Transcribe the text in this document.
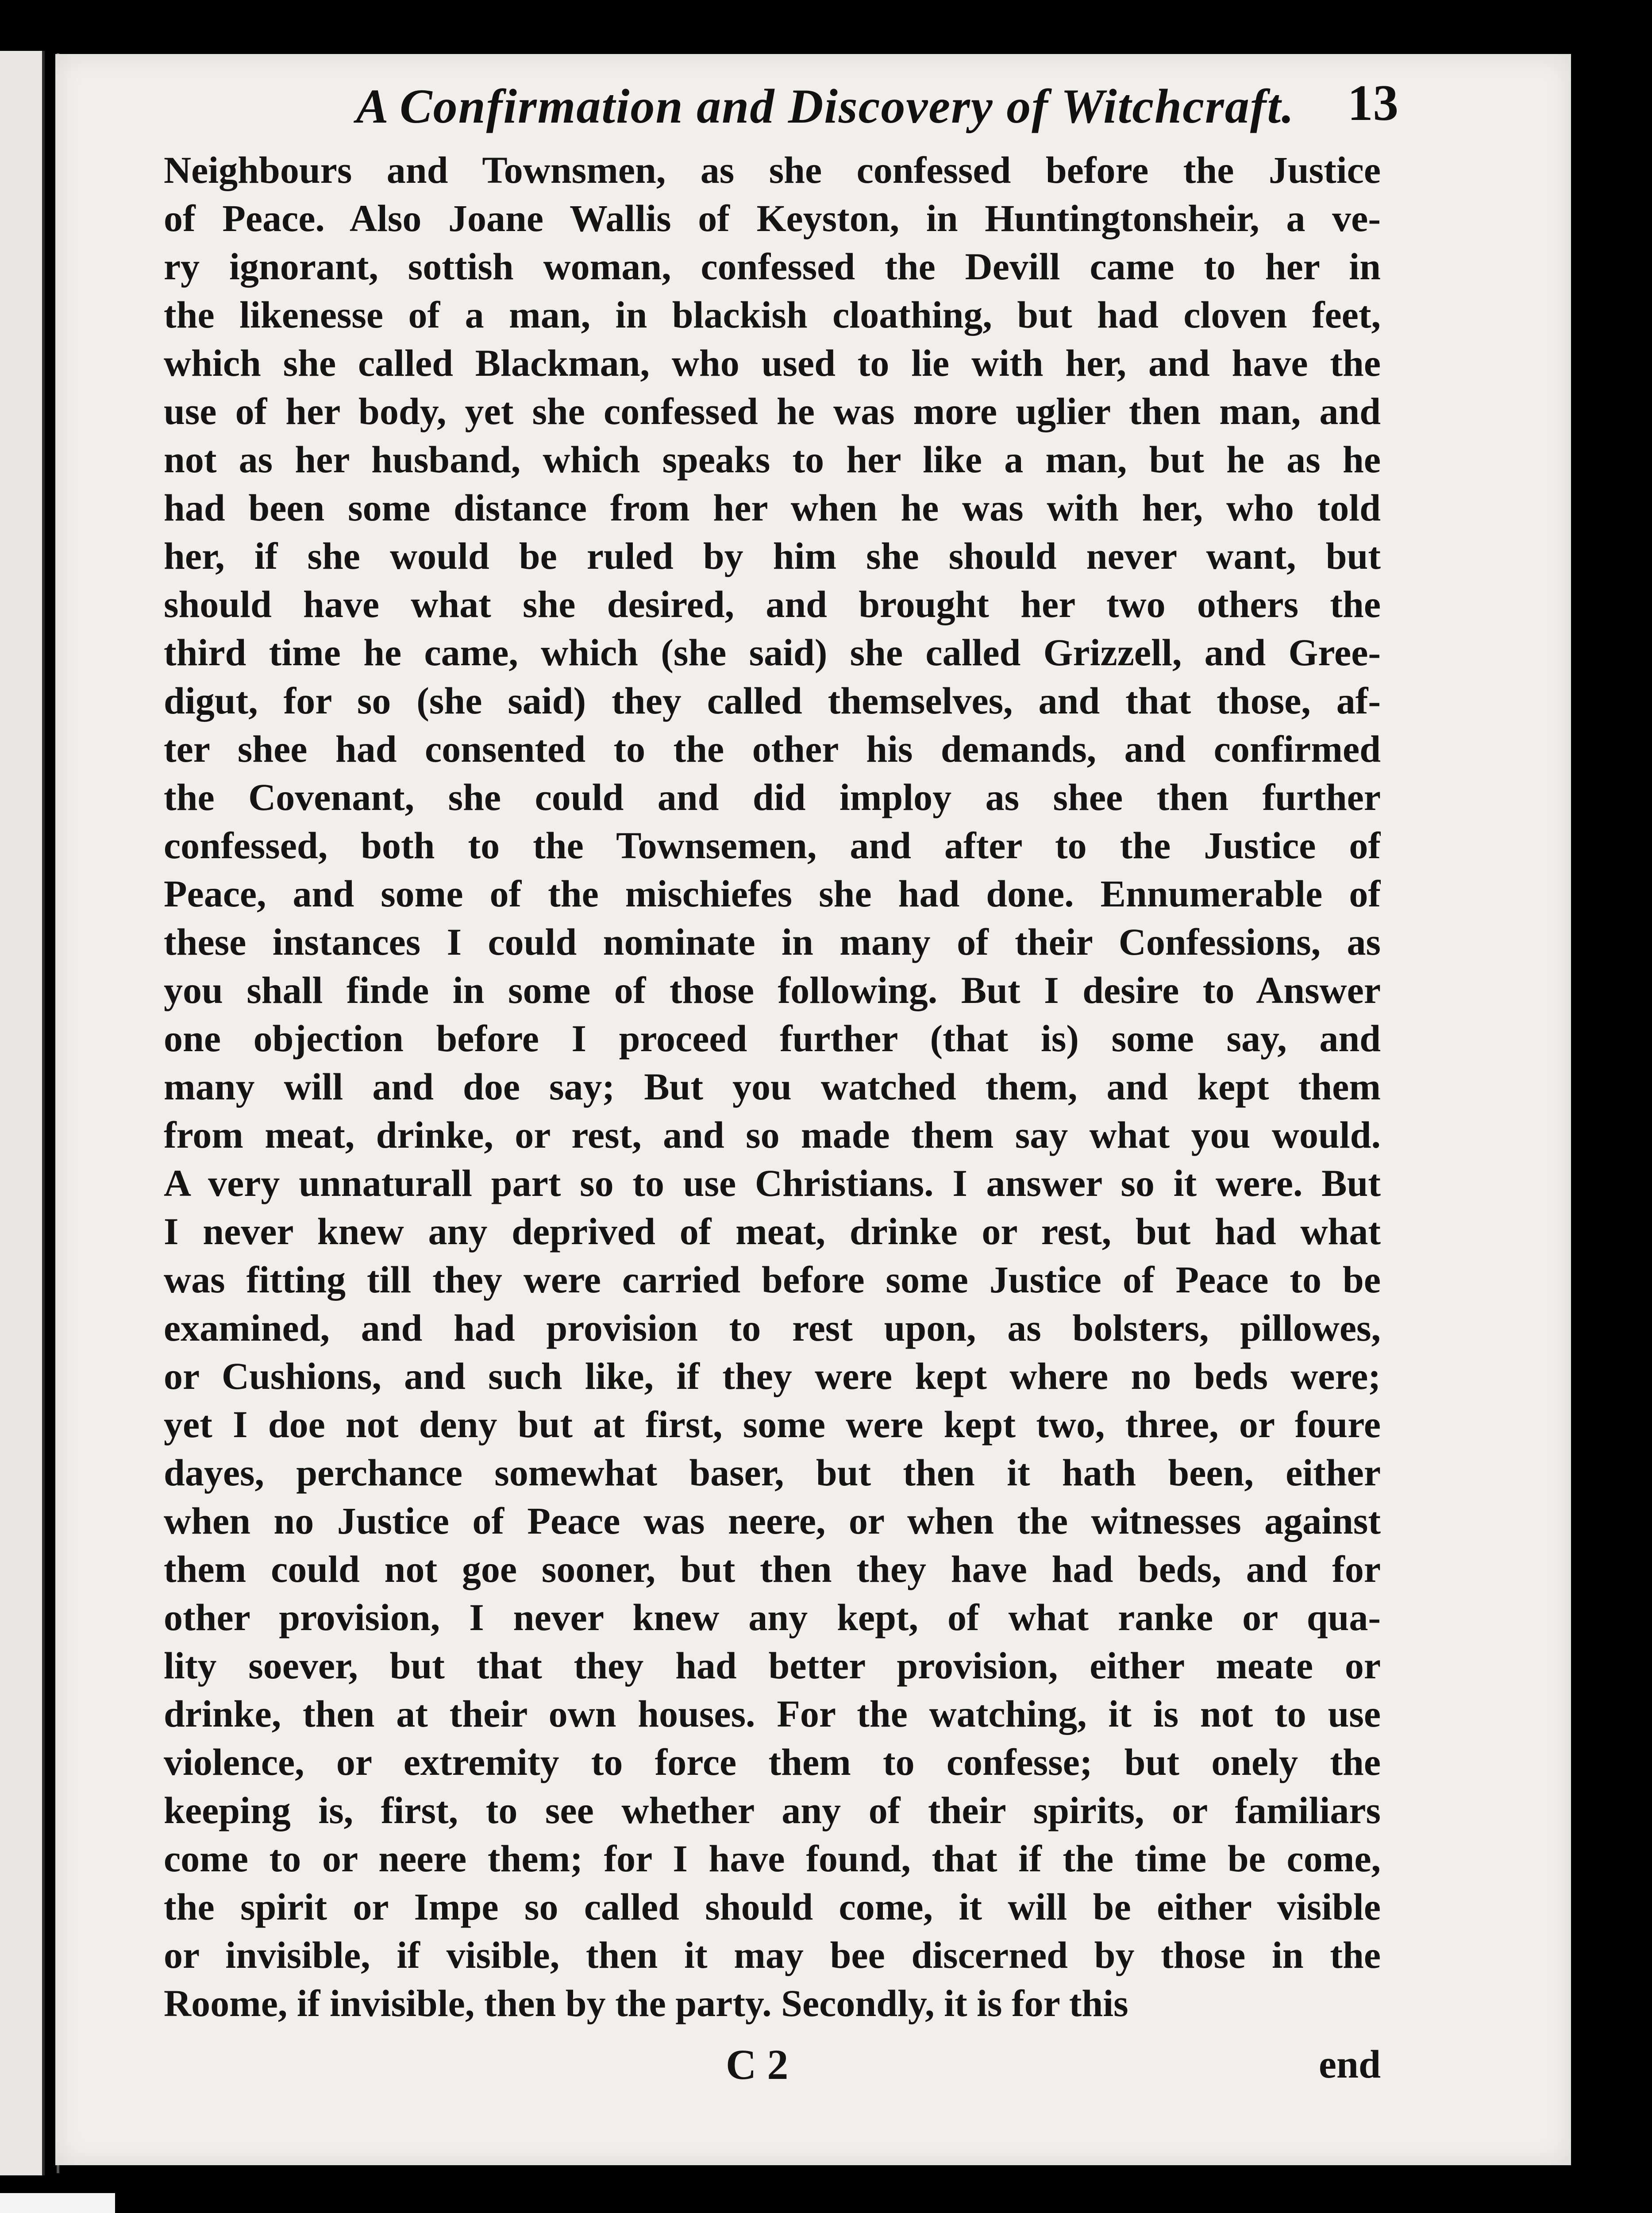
A Confirmation and Discovery of Witchcraft.	13
Neighbours and Townsmen, as she confessed before the Justice
of Peace. Also Joane Wallis of Keyston, in Huntingtonsheir, a ve-
ry ignorant, sottish woman, confessed the Devill came to her in
the likenesse of a man, in blackish cloathing, but had cloven feet,
which she called Blackman, who used to lie with her, and have the
use of her body, yet she confessed he was more uglier then man, and
not as her husband, which speaks to her like a man, but he as he
had been some distance from her when he was with her, who told
her, if she would be ruled by him she should never want, but
should have what she desired, and brought her two others the
third time he came, which (she said) she called Grizzell, and Gree-
digut, for so (she said) they called themselves, and that those, af-
ter shee had consented to the other his demands, and confirmed
the Covenant, she could and did imploy as shee then further
confessed, both to the Townsemen, and after to the Justice of
Peace, and some of the mischiefes she had done. Ennumerable of
these instances I could nominate in many of their Confessions, as
you shall finde in some of those following. But I desire to Answer
one objection before I proceed further (that is) some say, and
many will and doe say; But you watched them, and kept them
from meat, drinke, or rest, and so made them say what you would.
A very unnaturall part so to use Christians. I answer so it were. But
I never knew any deprived of meat, drinke or rest, but had what
was fitting till they were carried before some Justice of Peace to be
examined, and had provision to rest upon, as bolsters, pillowes,
or Cushions, and such like, if they were kept where no beds were;
yet I doe not deny but at first, some were kept two, three, or foure
dayes, perchance somewhat baser, but then it hath been, either
when no Justice of Peace was neere, or when the witnesses against
them could not goe sooner, but then they have had beds, and for
other provision, I never knew any kept, of what ranke or qua-
lity soever, but that they had better provision, either meate or
drinke, then at their own houses. For the watching, it is not to use
violence, or extremity to force them to confesse; but onely the
keeping is, first, to see whether any of their spirits, or familiars
come to or neere them; for I have found, that if the time be come,
the spirit or Impe so called should come, it will be either visible
or invisible, if visible, then it may bee discerned by those in the
Roome, if invisible, then by the party. Secondly, it is for this
C 2	end
